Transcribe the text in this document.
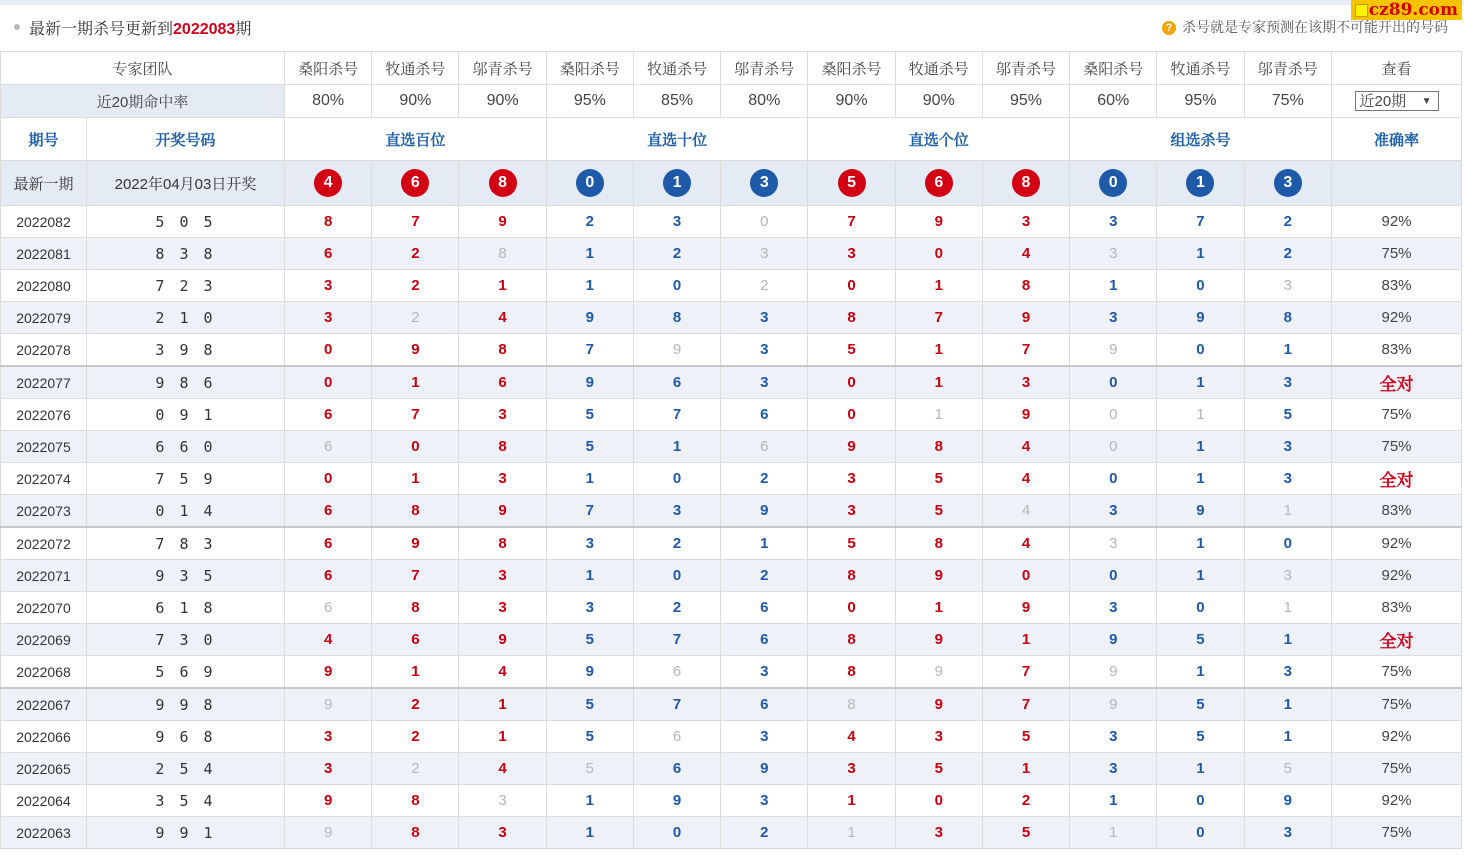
cz89.com
最新一期杀号更新到2022083期	? 杀号就是专家预测在该期不可能开出的号码
专家团队		桑阳杀号	牧通杀号	邬青杀号	桑阳杀号	牧通杀号	邬青杀号	桑阳杀号	牧通杀号	邬青杀号	桑阳杀号	牧通杀号	邬青杀号	查看
近20期命中率		80%	90%	90%	95%	85%	80%	90%	90%	95%	60%	95%	75%	近20期 ▼

期号	开奖号码	直选百位			直选十位			直选个位			组选杀号			准确率
最新一期	2022年04月03日开奖	4	6	8	0	1	3	5	6	8	0	1	3	
2022082	5 0 5	8	7	9	2	3	0	7	9	3	3	7	2	92%
2022081	8 3 8	6	2	8	1	2	3	3	0	4	3	1	2	75%
2022080	7 2 3	3	2	1	1	0	2	0	1	8	1	0	3	83%
2022079	2 1 0	3	2	4	9	8	3	8	7	9	3	9	8	92%
2022078	3 9 8	0	9	8	7	9	3	5	1	7	9	0	1	83%
2022077	9 8 6	0	1	6	9	6	3	0	1	3	0	1	3	全对
2022076	0 9 1	6	7	3	5	7	6	0	1	9	0	1	5	75%
2022075	6 6 0	6	0	8	5	1	6	9	8	4	0	1	3	75%
2022074	7 5 9	0	1	3	1	0	2	3	5	4	0	1	3	全对
2022073	0 1 4	6	8	9	7	3	9	3	5	4	3	9	1	83%
2022072	7 8 3	6	9	8	3	2	1	5	8	4	3	1	0	92%
2022071	9 3 5	6	7	3	1	0	2	8	9	0	0	1	3	92%
2022070	6 1 8	6	8	3	3	2	6	0	1	9	3	0	1	83%
2022069	7 3 0	4	6	9	5	7	6	8	9	1	9	5	1	全对
2022068	5 6 9	9	1	4	9	6	3	8	9	7	9	1	3	75%
2022067	9 9 8	9	2	1	5	7	6	8	9	7	9	5	1	75%
2022066	9 6 8	3	2	1	5	6	3	4	3	5	3	5	1	92%
2022065	2 5 4	3	2	4	5	6	9	3	5	1	3	1	5	75%
2022064	3 5 4	9	8	3	1	9	3	1	0	2	1	0	9	92%
2022063	9 9 1	9	8	3	1	0	2	1	3	5	1	0	3	75%
